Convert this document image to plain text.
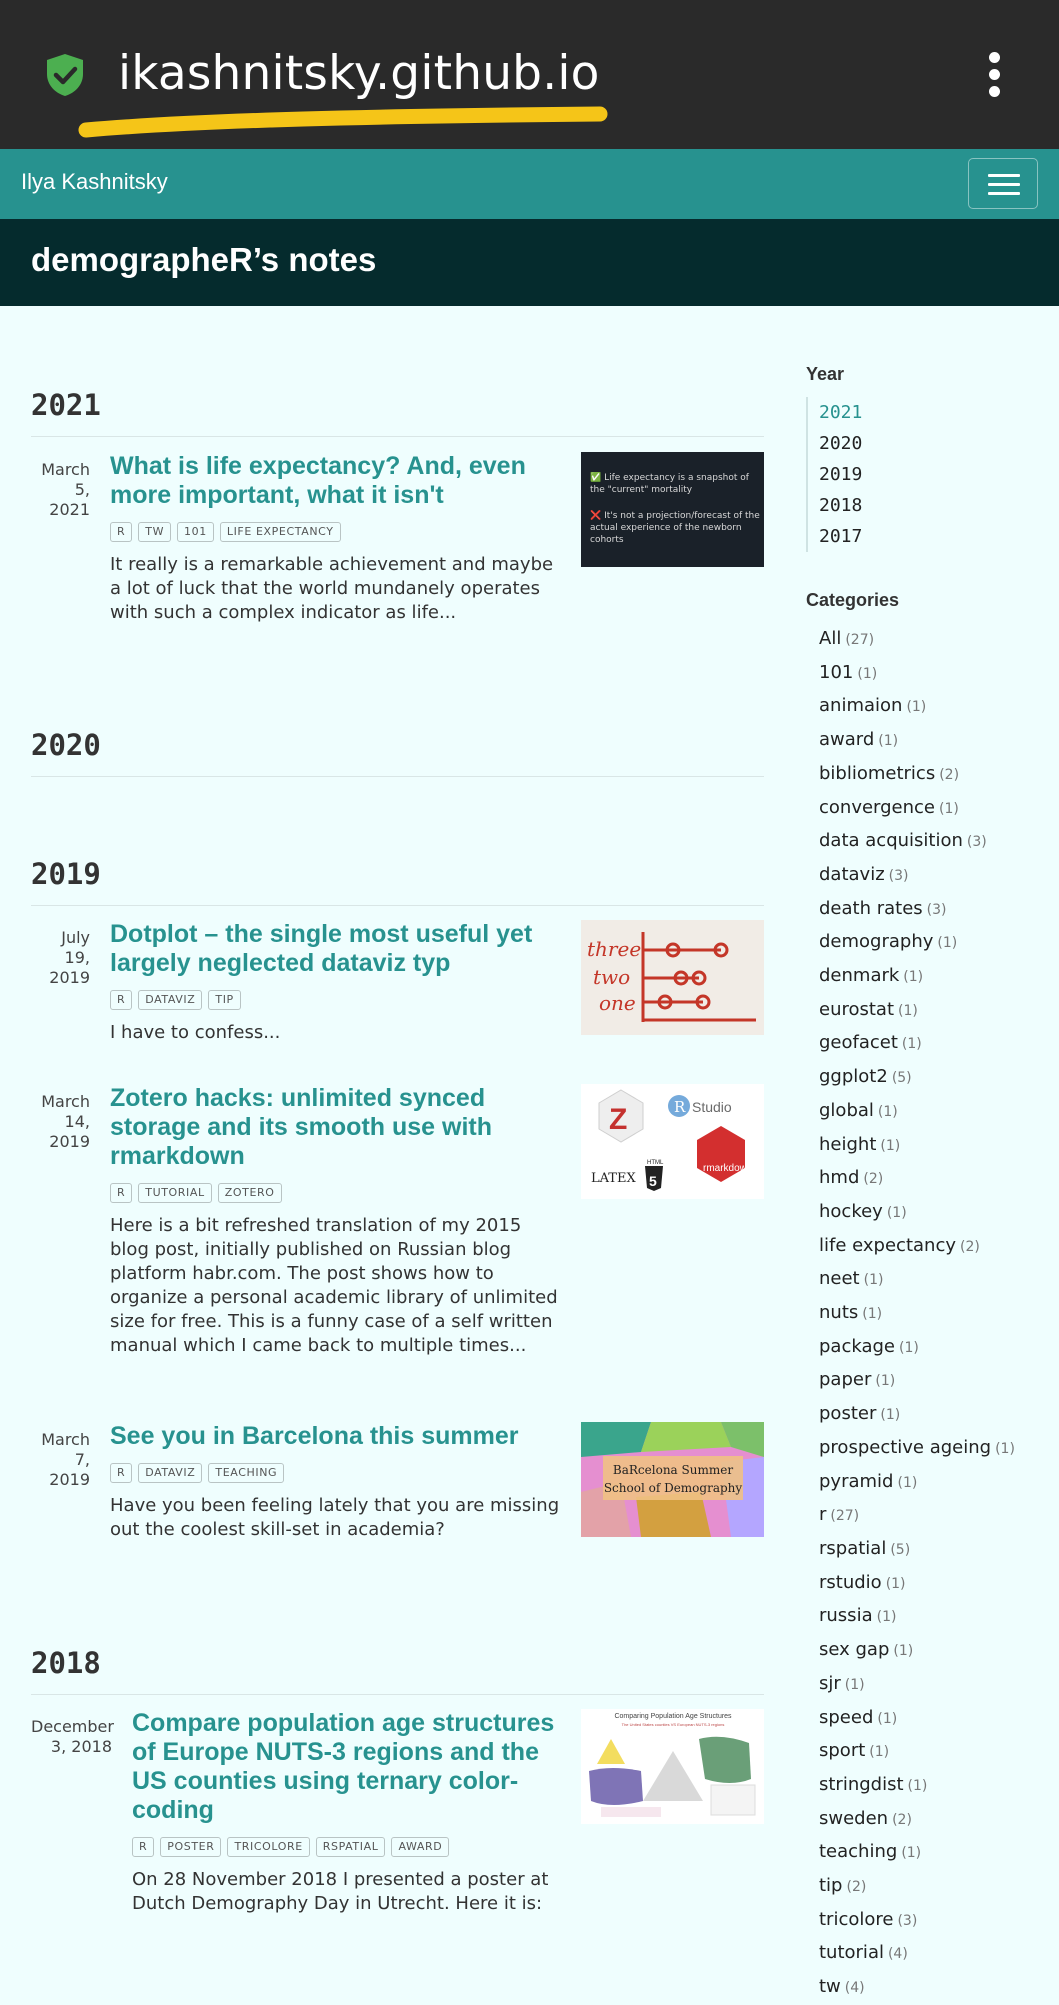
ikashnitsky.github.io
Ilya Kashnitsky
demographeR’s notes
2021
March 5, 2021
What is life expectancy? And, even more important, what it isn't
R	TW	101	LIFE EXPECTANCY
It really is a remarkable achievement and maybe a lot of luck that the world mundanely operates with such a complex indicator as life...
✅ Life expectancy is a snapshot of the "current" mortality
❌ It's not a projection/forecast of the actual experience of the newborn cohorts
2020
2019
July 19, 2019
Dotplot – the single most useful yet largely neglected dataviz typ
R	DATAVIZ	TIP
I have to confess...
three
two
one
March 14, 2019
Zotero hacks: unlimited synced storage and its smooth use with rmarkdown
R	TUTORIAL	ZOTERO
Here is a bit refreshed translation of my 2015 blog post, initially published on Russian blog platform habr.com. The post shows how to organize a personal academic library of unlimited size for free. This is a funny case of a self written manual which I came back to multiple times...
Z	R Studio
rmarkdown
LATEX
HTML
5
March 7, 2019
See you in Barcelona this summer
R	DATAVIZ	TEACHING
Have you been feeling lately that you are missing out the coolest skill-set in academia?
BaRcelona Summer
School of Demography
2018
December 3, 2018
Compare population age structures of Europe NUTS-3 regions and the US counties using ternary color-coding
R	POSTER	TRICOLORE	RSPATIAL	AWARD
On 28 November 2018 I presented a poster at Dutch Demography Day in Utrecht. Here it is:
Comparing Population Age Structures
The United States counties VS European NUTS-3 regions
Year
2021
2020
2019
2018
2017
Categories
All (27)
101 (1)
animaion (1)
award (1)
bibliometrics (2)
convergence (1)
data acquisition (3)
dataviz (3)
death rates (3)
demography (1)
denmark (1)
eurostat (1)
geofacet (1)
ggplot2 (5)
global (1)
height (1)
hmd (2)
hockey (1)
life expectancy (2)
neet (1)
nuts (1)
package (1)
paper (1)
poster (1)
prospective ageing (1)
pyramid (1)
r (27)
rspatial (5)
rstudio (1)
russia (1)
sex gap (1)
sjr (1)
speed (1)
sport (1)
stringdist (1)
sweden (2)
teaching (1)
tip (2)
tricolore (3)
tutorial (4)
tw (4)
